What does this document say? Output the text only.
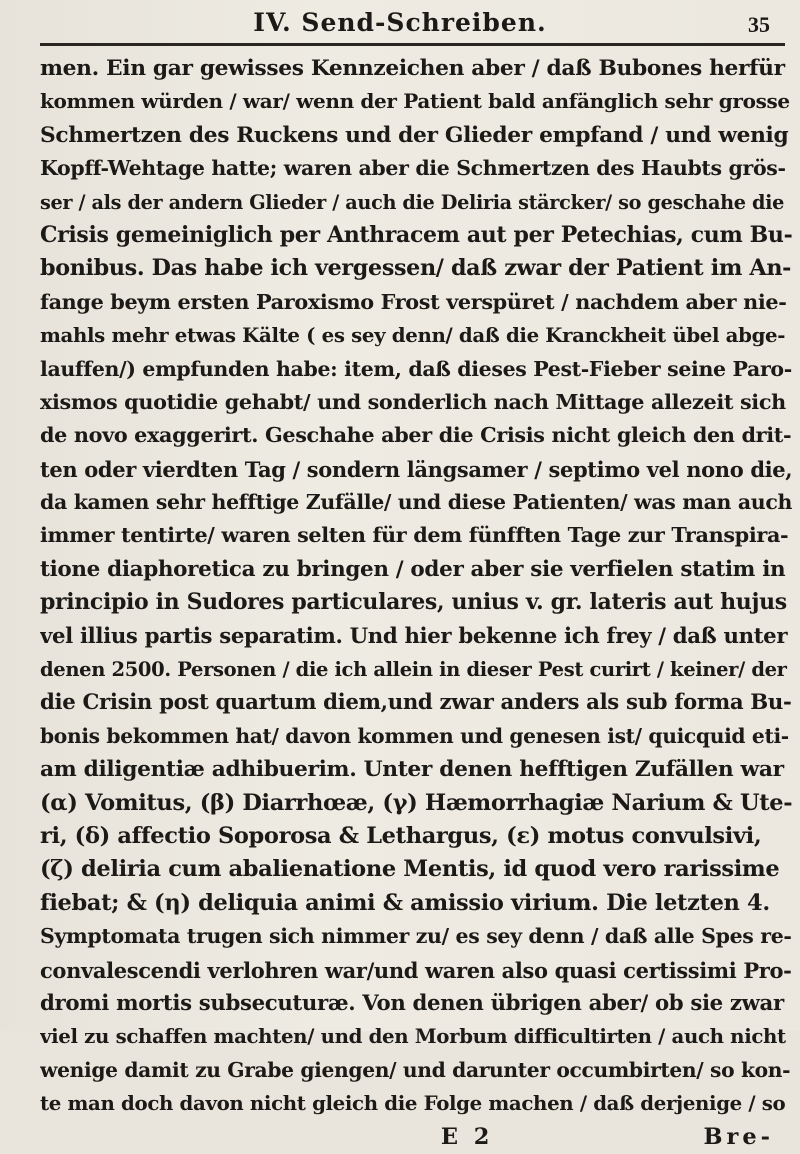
IV. Send-Schreiben.	35
men. Ein gar gewisses Kennzeichen aber / daß Bubones herfür
kommen würden / war/ wenn der Patient bald anfänglich sehr grosse
Schmertzen des Ruckens und der Glieder empfand / und wenig
Kopff-Wehtage hatte; waren aber die Schmertzen des Haubts grös-
ser / als der andern Glieder / auch die Deliria stärcker/ so geschahe die
Crisis gemeiniglich per Anthracem aut per Petechias, cum Bu-
bonibus. Das habe ich vergessen/ daß zwar der Patient im An-
fange beym ersten Paroxismo Frost verspüret / nachdem aber nie-
mahls mehr etwas Kälte ( es sey denn/ daß die Kranckheit übel abge-
lauffen/) empfunden habe: item, daß dieses Pest-Fieber seine Paro-
xismos quotidie gehabt/ und sonderlich nach Mittage allezeit sich
de novo exaggerirt. Geschahe aber die Crisis nicht gleich den drit-
ten oder vierdten Tag / sondern längsamer / septimo vel nono die,
da kamen sehr hefftige Zufälle/ und diese Patienten/ was man auch
immer tentirte/ waren selten für dem fünfften Tage zur Transpira-
tione diaphoretica zu bringen / oder aber sie verfielen statim in
principio in Sudores particulares, unius v. gr. lateris aut hujus
vel illius partis separatim. Und hier bekenne ich frey / daß unter
denen 2500. Personen / die ich allein in dieser Pest curirt / keiner/ der
die Crisin post quartum diem,und zwar anders als sub forma Bu-
bonis bekommen hat/ davon kommen und genesen ist/ quicquid eti-
am diligentiæ adhibuerim. Unter denen hefftigen Zufällen war
(α) Vomitus, (β) Diarrhœæ, (γ) Hæmorrhagiæ Narium & Ute-
ri, (δ) affectio Soporosa & Lethargus, (ε) motus convulsivi,
(ζ) deliria cum abalienatione Mentis, id quod vero rarissime
fiebat; & (η) deliquia animi & amissio virium. Die letzten 4.
Symptomata trugen sich nimmer zu/ es sey denn / daß alle Spes re-
convalescendi verlohren war/und waren also quasi certissimi Pro-
dromi mortis subsecuturæ. Von denen übrigen aber/ ob sie zwar
viel zu schaffen machten/ und den Morbum difficultirten / auch nicht
wenige damit zu Grabe giengen/ und darunter occumbirten/ so kon-
te man doch davon nicht gleich die Folge machen / daß derjenige / so
E 2	Bre-
